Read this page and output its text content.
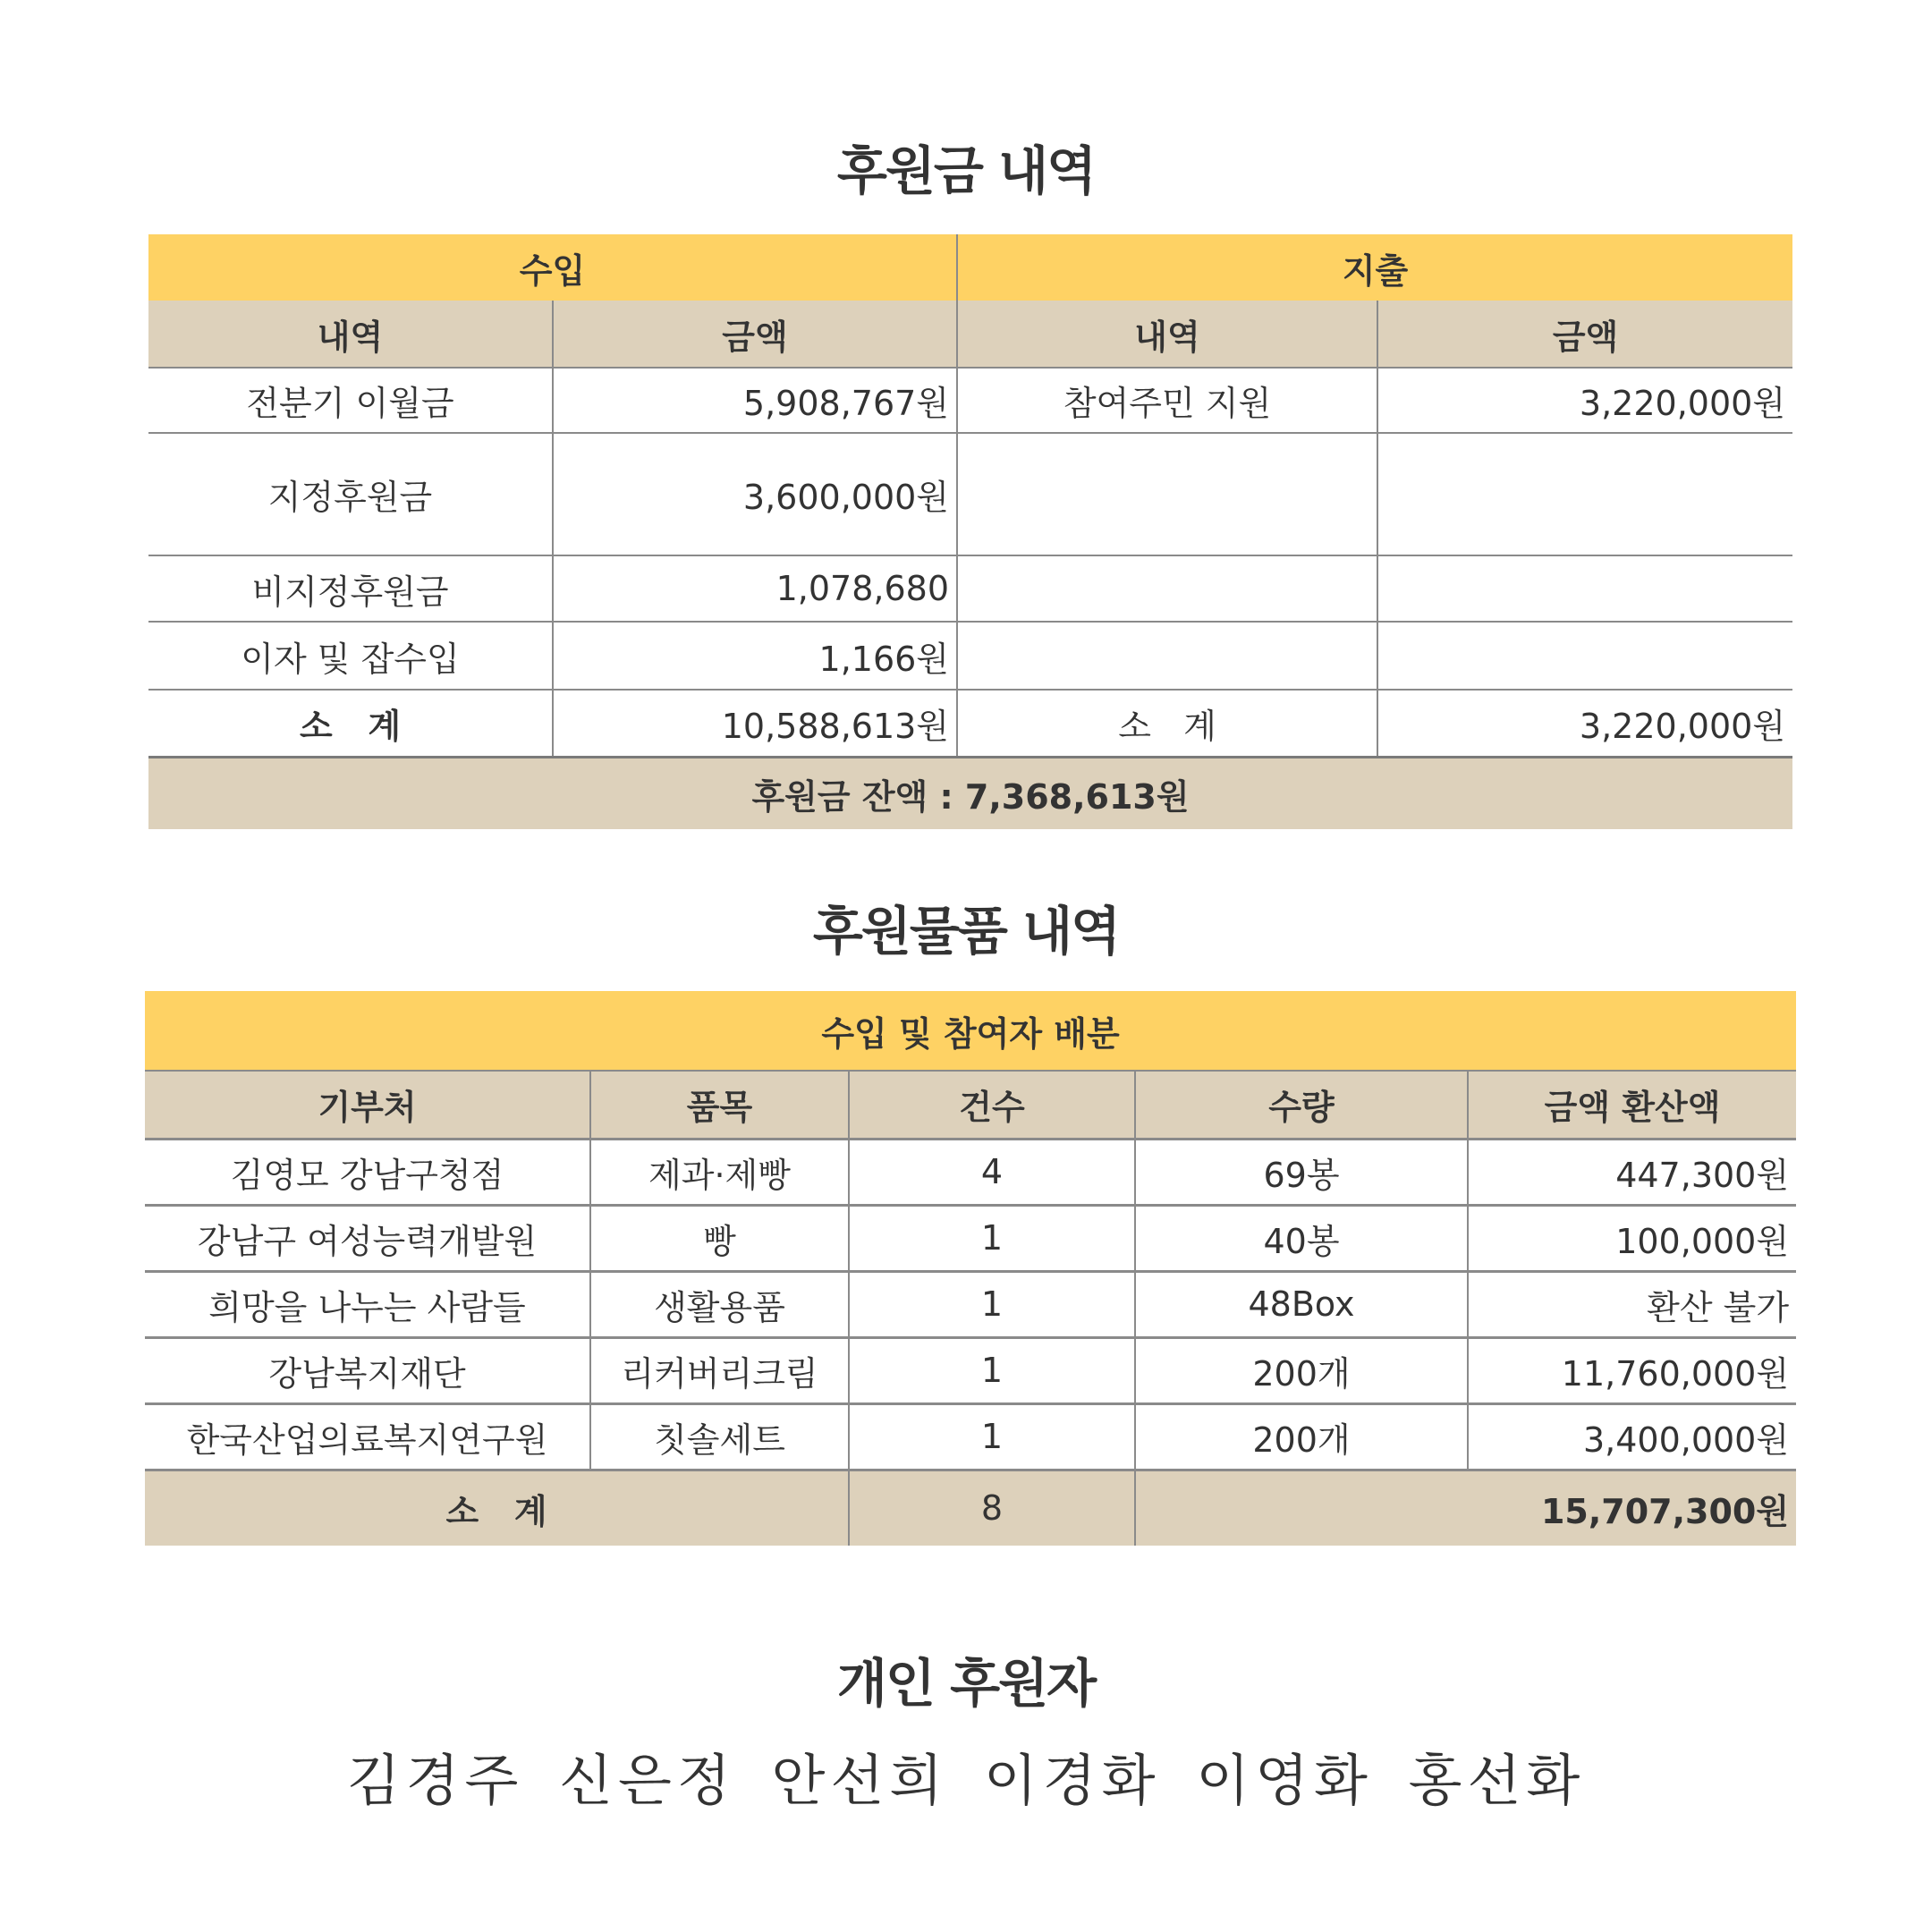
후원금 내역
수입		지출	
내역	금액	내역	금액
전분기 이월금	5,908,767원	참여주민 지원	3,220,000원
지정후원금	3,600,000원		
비지정후원금	1,078,680		
이자 및 잡수입	1,166원		
소   계	10,588,613원	소   계	3,220,000원
후원금 잔액 : 7,368,613원			
후원물품 내역
수입 및 참여자 배분				
기부처	품목	건수	수량	금액 환산액
김영모 강남구청점	제과·제빵	4	69봉	447,300원
강남구 여성능력개발원	빵	1	40봉	100,000원
희망을 나누는 사람들	생활용품	1	48Box	환산 불가
강남복지재단	리커버리크림	1	200개	11,760,000원
한국산업의료복지연구원	칫솔세트	1	200개	3,400,000원
소   계		8	15,707,300원	
개인 후원자
김경주 신은정 안선희 이경화 이영화 홍선화
